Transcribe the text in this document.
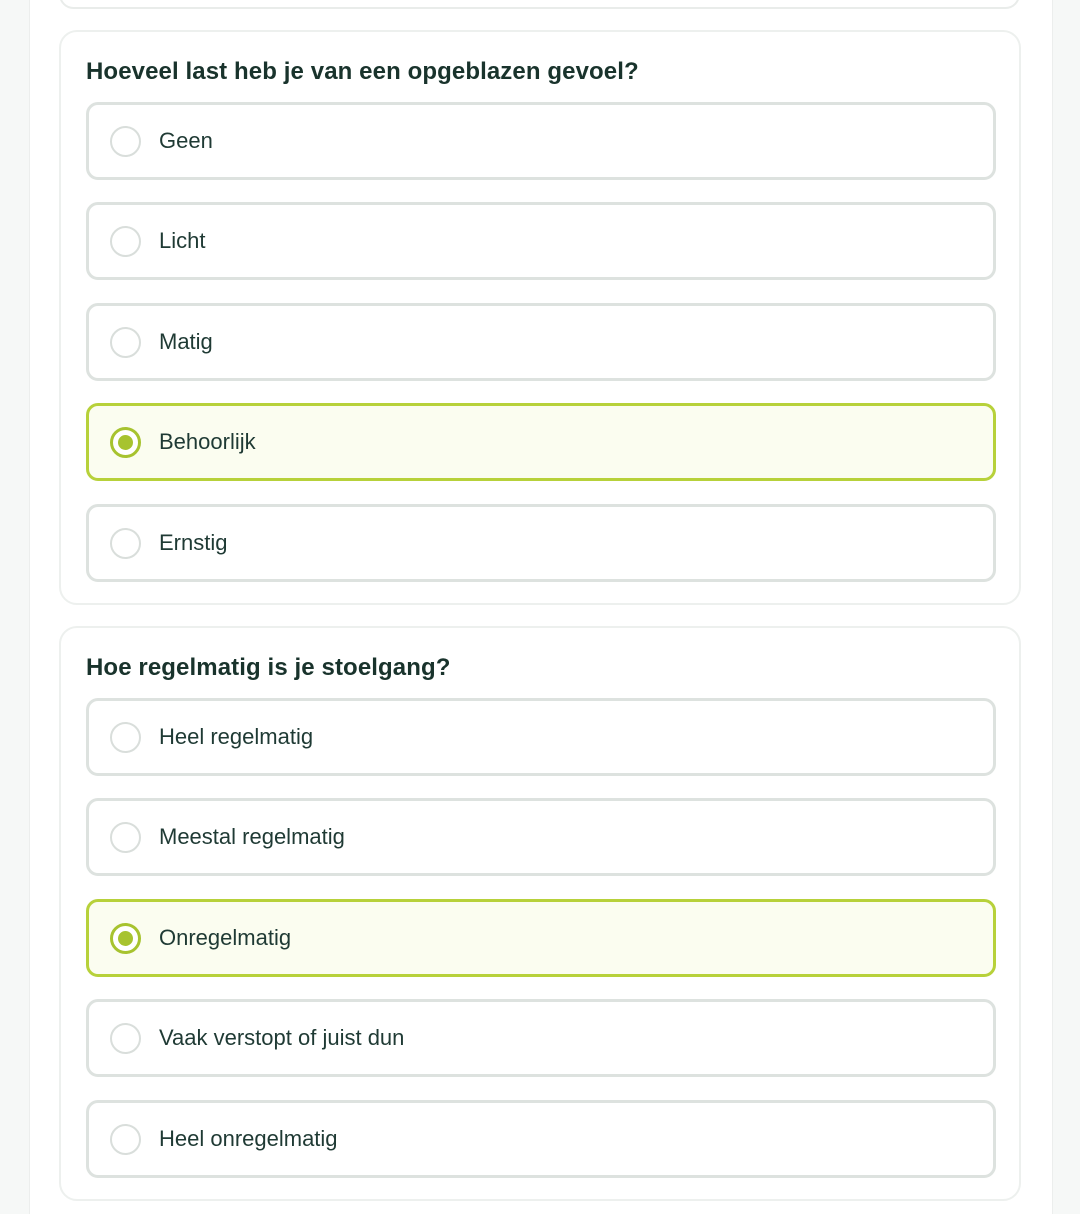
Hoeveel last heb je van een opgeblazen gevoel?
Geen
Licht
Matig
Behoorlijk
Ernstig
Hoe regelmatig is je stoelgang?
Heel regelmatig
Meestal regelmatig
Onregelmatig
Vaak verstopt of juist dun
Heel onregelmatig
